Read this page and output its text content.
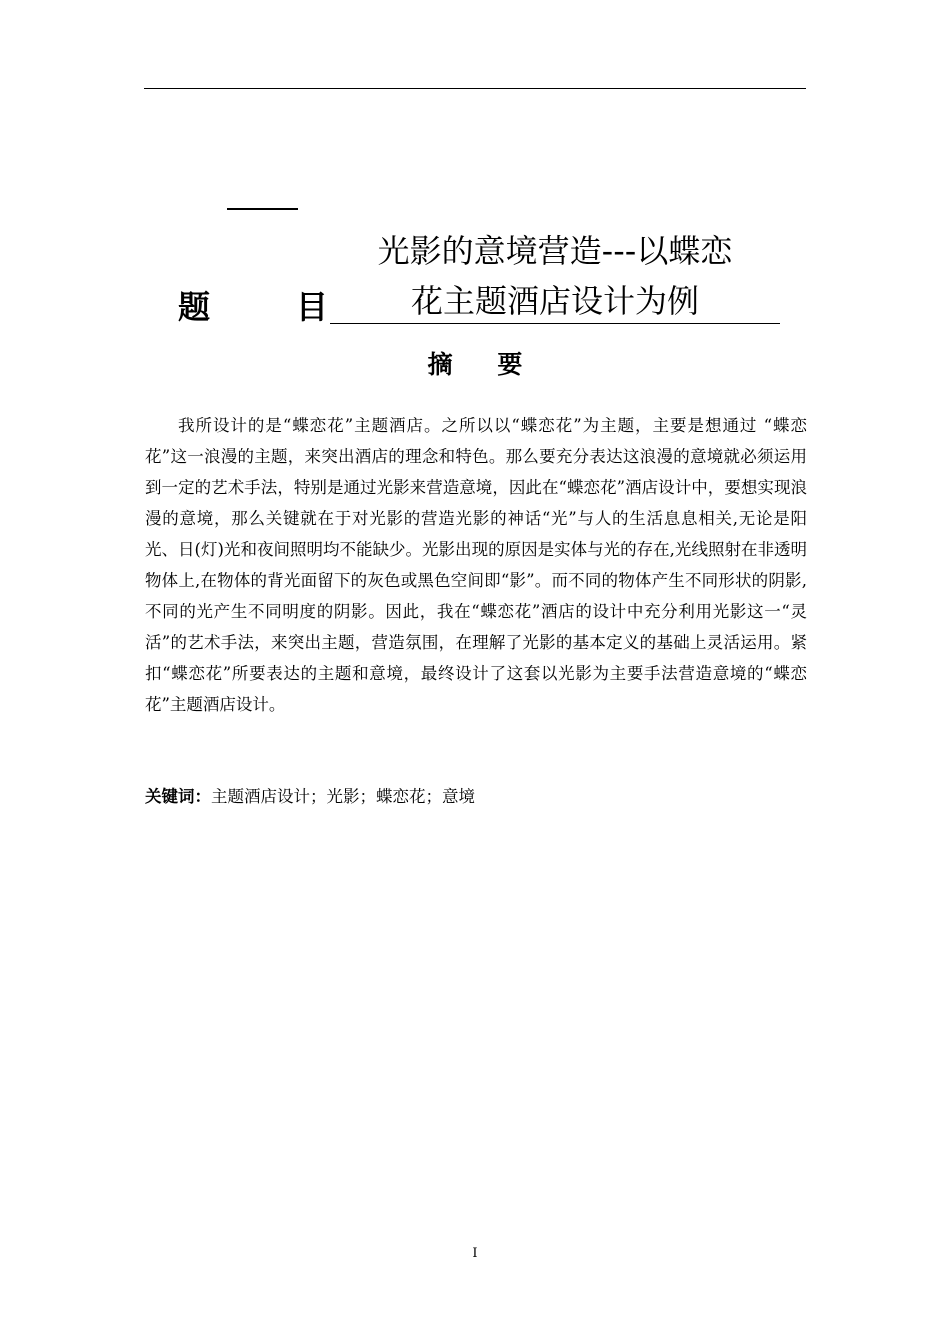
题	目
光影的意境营造---以蝶恋
花主题酒店设计为例
摘 要

我所设计的是“蝶恋花”主题酒店。之所以以“蝶恋花”为主题，主要是想通过 “蝶恋花”这一浪漫的主题，来突出酒店的理念和特色。那么要充分表达这浪漫的意境就必须运用到一定的艺术手法，特别是通过光影来营造意境，因此在“蝶恋花”酒店设计中，要想实现浪漫的意境，那么关键就在于对光影的营造光影的神话“光”与人的生活息息相关,无论是阳光、日(灯)光和夜间照明均不能缺少。光影出现的原因是实体与光的存在,光线照射在非透明物体上,在物体的背光面留下的灰色或黑色空间即“影”。而不同的物体产生不同形状的阴影,不同的光产生不同明度的阴影。因此，我在“蝶恋花”酒店的设计中充分利用光影这一“灵活”的艺术手法，来突出主题，营造氛围，在理解了光影的基本定义的基础上灵活运用。紧扣“蝶恋花”所要表达的主题和意境，最终设计了这套以光影为主要手法营造意境的“蝶恋花”主题酒店设计。

关键词：主题酒店设计；光影；蝶恋花；意境
I
